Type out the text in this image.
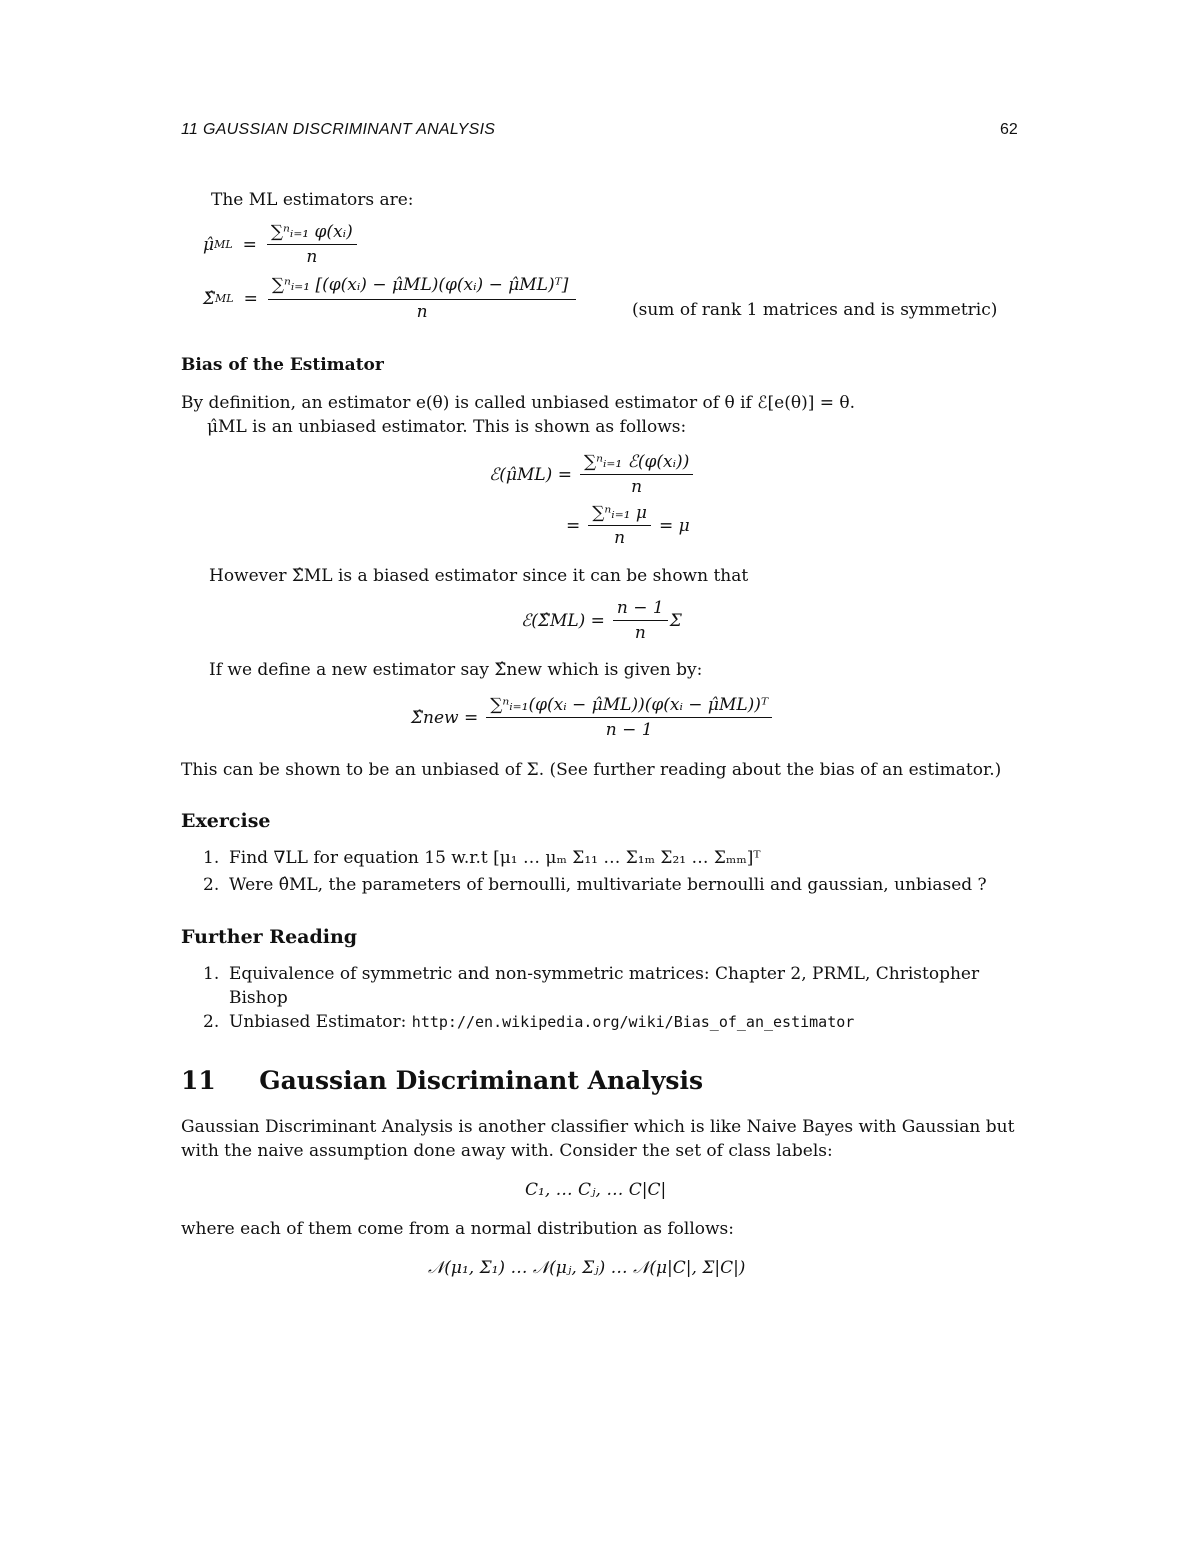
11 GAUSSIAN DISCRIMINANT ANALYSIS	62
The ML estimators are:
μ̂ ML = $\frac{\text{∑ⁿᵢ₌₁ φ(xᵢ)}}{n}$
Σ̂ ML = $\frac{\text{∑ⁿᵢ₌₁ [(φ(xᵢ) − μ̂ML)(φ(xᵢ) − μ̂ML)ᵀ]}}{n}$	(sum of rank 1 matrices and is symmetric)
Bias of the Estimator
By definition, an estimator e(θ) is called unbiased estimator of θ if ℰ[e(θ)] = θ.
μ̂ML is an unbiased estimator. This is shown as follows:
ℰ(μ̂ML) = $\frac{\text{∑ⁿᵢ₌₁ ℰ(φ(xᵢ))}}{n}$
= $\frac{\text{∑ⁿᵢ₌₁ μ}}{n} = \mu$
However Σ̂ML is a biased estimator since it can be shown that
ℰ(Σ̂ML) = $\frac{n - 1}{n}$ Σ
If we define a new estimator say Σ̂new which is given by:
Σ̂new = $\frac{\text{∑ⁿᵢ₌₁(φ(xᵢ − μ̂ML))(φ(xᵢ − μ̂ML))ᵀ}}{n - 1}$
This can be shown to be an unbiased of Σ. (See further reading about the bias of an estimator.)
Exercise
1. Find ∇LL for equation 15 w.r.t [μ₁ … μₘ Σ₁₁ … Σ₁ₘ Σ₂₁ … Σₘₘ]ᵀ
2. Were θ̂ML, the parameters of bernoulli, multivariate bernoulli and gaussian, unbiased ?
Further Reading
1. Equivalence of symmetric and non-symmetric matrices: Chapter 2, PRML, Christopher
Bishop
2. Unbiased Estimator: http://en.wikipedia.org/wiki/Bias_of_an_estimator
11 Gaussian Discriminant Analysis
Gaussian Discriminant Analysis is another classifier which is like Naive Bayes with Gaussian but
with the naive assumption done away with. Consider the set of class labels:
C₁, … Cⱼ, … C|C|
where each of them come from a normal distribution as follows:
𝒩(μ₁, Σ₁) … 𝒩(μⱼ, Σⱼ) … 𝒩(μ|C|, Σ|C|)
